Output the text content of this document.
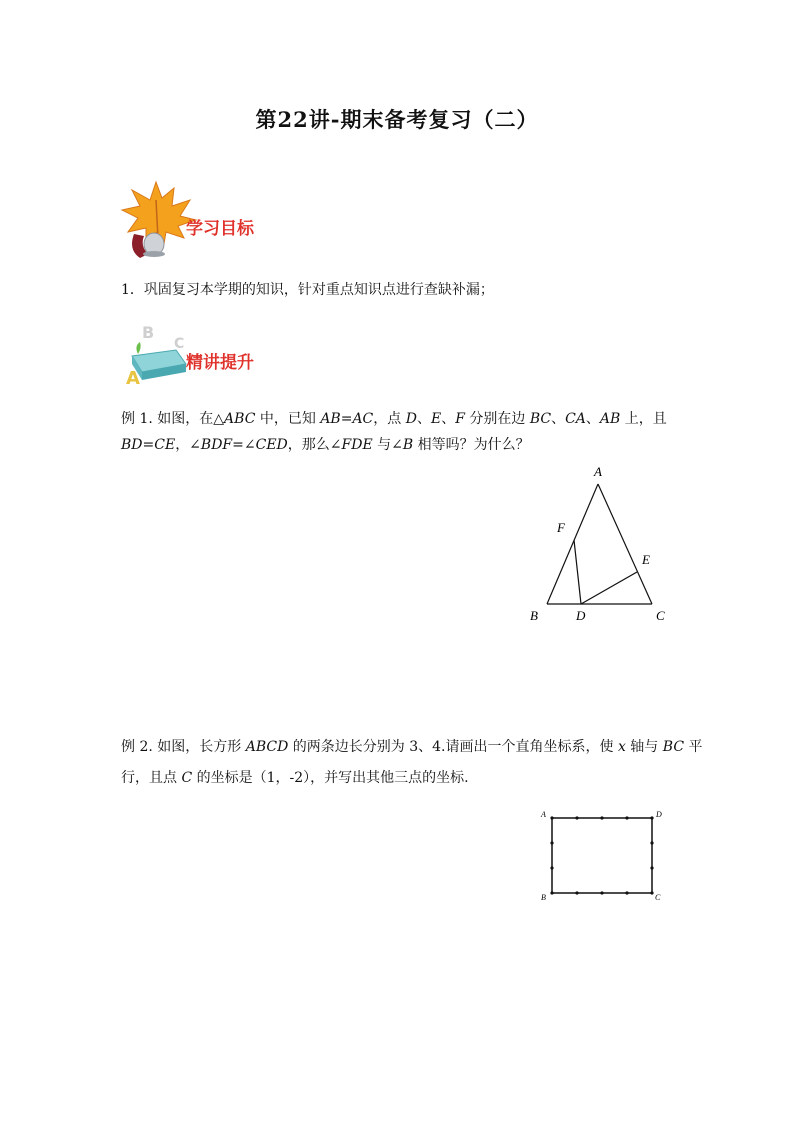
第22讲-期末备考复习（二）
学习目标
1．巩固复习本学期的知识，针对重点知识点进行查缺补漏；
B
A
C
精讲提升
例 1. 如图，在△ABC 中，已知 AB=AC，点 D、E、F 分别在边 BC、CA、AB 上，且
BD=CE，∠BDF=∠CED，那么∠FDE 与∠B 相等吗？为什么？
A
B	C
D
E
F
例 2. 如图，长方形 ABCD 的两条边长分别为 3、4.请画出一个直角坐标系，使 x 轴与 BC 平
行，且点 C 的坐标是（1，-2），并写出其他三点的坐标.
A	D
B	C
